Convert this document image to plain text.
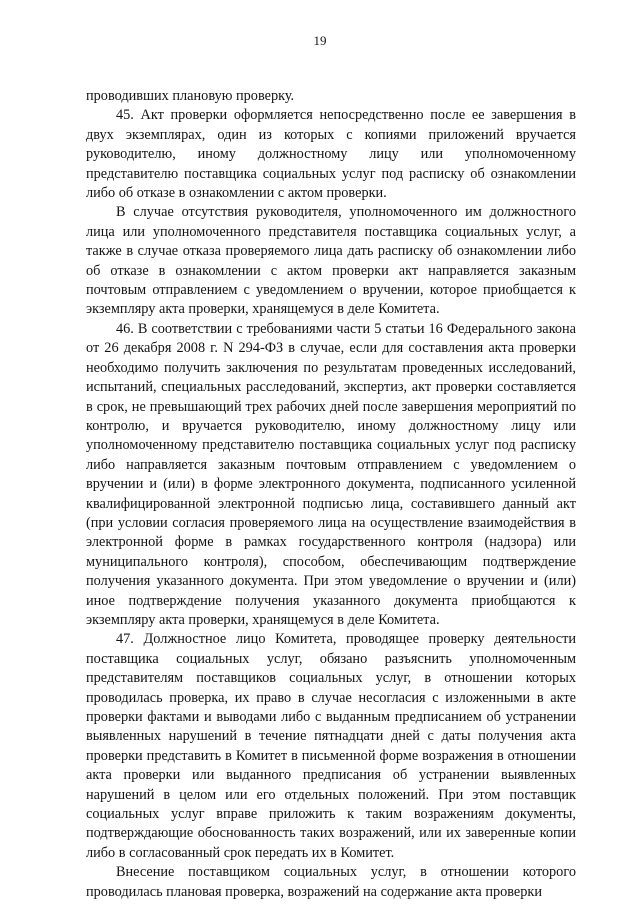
19

проводивших плановую проверку.

45. Акт проверки оформляется непосредственно после ее завершения в двух экземплярах, один из которых с копиями приложений вручается руководителю, иному должностному лицу или уполномоченному представителю поставщика социальных услуг под расписку об ознакомлении либо об отказе в ознакомлении с актом проверки.

В случае отсутствия руководителя, уполномоченного им должностного лица или уполномоченного представителя поставщика социальных услуг, а также в случае отказа проверяемого лица дать расписку об ознакомлении либо об отказе в ознакомлении с актом проверки акт направляется заказным почтовым отправлением с уведомлением о вручении, которое приобщается к экземпляру акта проверки, хранящемуся в деле Комитета.

46. В соответствии с требованиями части 5 статьи 16 Федерального закона от 26 декабря 2008 г. N 294-ФЗ в случае, если для составления акта проверки необходимо получить заключения по результатам проведенных исследований, испытаний, специальных расследований, экспертиз, акт проверки составляется в срок, не превышающий трех рабочих дней после завершения мероприятий по контролю, и вручается руководителю, иному должностному лицу или уполномоченному представителю поставщика социальных услуг под расписку либо направляется заказным почтовым отправлением с уведомлением о вручении и (или) в форме электронного документа, подписанного усиленной квалифицированной электронной подписью лица, составившего данный акт (при условии согласия проверяемого лица на осуществление взаимодействия в электронной форме в рамках государственного контроля (надзора) или муниципального контроля), способом, обеспечивающим подтверждение получения указанного документа. При этом уведомление о вручении и (или) иное подтверждение получения указанного документа приобщаются к экземпляру акта проверки, хранящемуся в деле Комитета.

47. Должностное лицо Комитета, проводящее проверку деятельности поставщика социальных услуг, обязано разъяснить уполномоченным представителям поставщиков социальных услуг, в отношении которых проводилась проверка, их право в случае несогласия с изложенными в акте проверки фактами и выводами либо с выданным предписанием об устранении выявленных нарушений в течение пятнадцати дней с даты получения акта проверки представить в Комитет в письменной форме возражения в отношении акта проверки или выданного предписания об устранении выявленных нарушений в целом или его отдельных положений. При этом поставщик социальных услуг вправе приложить к таким возражениям документы, подтверждающие обоснованность таких возражений, или их заверенные копии либо в согласованный срок передать их в Комитет.

Внесение поставщиком социальных услуг, в отношении которого проводилась плановая проверка, возражений на содержание акта проверки
